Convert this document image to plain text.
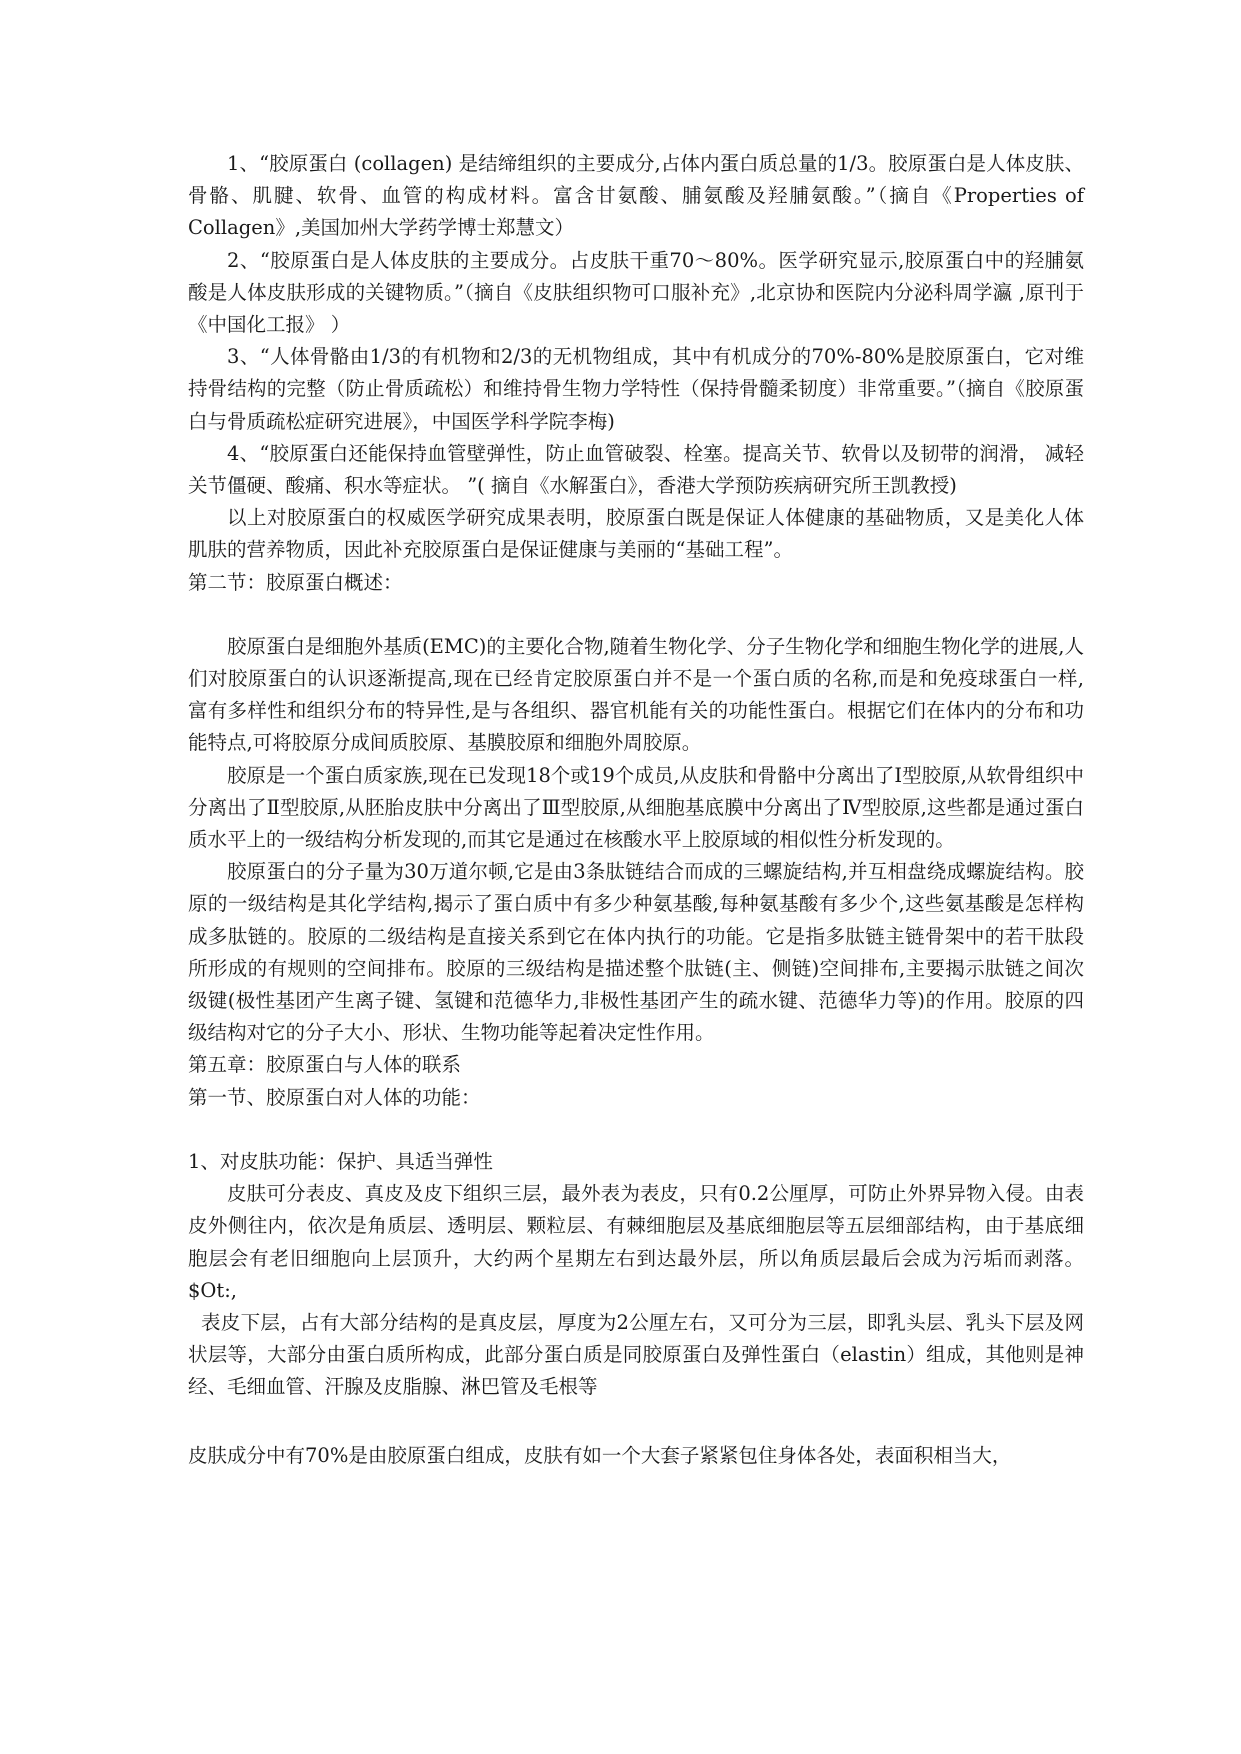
1、“胶原蛋白 (collagen) 是结缔组织的主要成分,占体内蛋白质总量的1/3。胶原蛋白是人体皮肤、骨骼、肌腱、软骨、血管的构成材料。富含甘氨酸、脯氨酸及羟脯氨酸。”（摘自《Properties of Collagen》,美国加州大学药学博士郑慧文）

2、“胶原蛋白是人体皮肤的主要成分。占皮肤干重70～80%。医学研究显示,胶原蛋白中的羟脯氨酸是人体皮肤形成的关键物质。”（摘自《皮肤组织物可口服补充》,北京协和医院内分泌科周学瀛 ,原刊于《中国化工报》 ）

3、“人体骨骼由1/3的有机物和2/3的无机物组成，其中有机成分的70%-80%是胶原蛋白，它对维持骨结构的完整（防止骨质疏松）和维持骨生物力学特性（保持骨髓柔韧度）非常重要。”（摘自《胶原蛋白与骨质疏松症研究进展》，中国医学科学院李梅)

4、“胶原蛋白还能保持血管壁弹性，防止血管破裂、栓塞。提高关节、软骨以及韧带的润滑， 减轻关节僵硬、酸痛、积水等症状。 ”( 摘自《水解蛋白》，香港大学预防疾病研究所王凯教授)

以上对胶原蛋白的权威医学研究成果表明，胶原蛋白既是保证人体健康的基础物质，又是美化人体肌肤的营养物质，因此补充胶原蛋白是保证健康与美丽的“基础工程”。

第二节：胶原蛋白概述：

胶原蛋白是细胞外基质(EMC)的主要化合物,随着生物化学、分子生物化学和细胞生物化学的进展,人们对胶原蛋白的认识逐渐提高,现在已经肯定胶原蛋白并不是一个蛋白质的名称,而是和免疫球蛋白一样,富有多样性和组织分布的特异性,是与各组织、器官机能有关的功能性蛋白。根据它们在体内的分布和功能特点,可将胶原分成间质胶原、基膜胶原和细胞外周胶原。

胶原是一个蛋白质家族,现在已发现18个或19个成员,从皮肤和骨骼中分离出了Ⅰ型胶原,从软骨组织中分离出了Ⅱ型胶原,从胚胎皮肤中分离出了Ⅲ型胶原,从细胞基底膜中分离出了Ⅳ型胶原,这些都是通过蛋白质水平上的一级结构分析发现的,而其它是通过在核酸水平上胶原域的相似性分析发现的。

胶原蛋白的分子量为30万道尔顿,它是由3条肽链结合而成的三螺旋结构,并互相盘绕成螺旋结构。胶原的一级结构是其化学结构,揭示了蛋白质中有多少种氨基酸,每种氨基酸有多少个,这些氨基酸是怎样构成多肽链的。胶原的二级结构是直接关系到它在体内执行的功能。它是指多肽链主链骨架中的若干肽段所形成的有规则的空间排布。胶原的三级结构是描述整个肽链(主、侧链)空间排布,主要揭示肽链之间次级键(极性基团产生离子键、氢键和范德华力,非极性基团产生的疏水键、范德华力等)的作用。胶原的四级结构对它的分子大小、形状、生物功能等起着决定性作用。

第五章：胶原蛋白与人体的联系

第一节、胶原蛋白对人体的功能：

1、对皮肤功能：保护、具适当弹性

皮肤可分表皮、真皮及皮下组织三层，最外表为表皮，只有0.2公厘厚，可防止外界异物入侵。由表皮外侧往内，依次是角质层、透明层、颗粒层、有棘细胞层及基底细胞层等五层细部结构，由于基底细胞层会有老旧细胞向上层顶升，大约两个星期左右到达最外层，所以角质层最后会成为污垢而剥落。 $Ot:,

表皮下层，占有大部分结构的是真皮层，厚度为2公厘左右，又可分为三层，即乳头层、乳头下层及网状层等，大部分由蛋白质所构成，此部分蛋白质是同胶原蛋白及弹性蛋白（elastin）组成，其他则是神经、毛细血管、汗腺及皮脂腺、淋巴管及毛根等

皮肤成分中有70%是由胶原蛋白组成，皮肤有如一个大套子紧紧包住身体各处，表面积相当大，
